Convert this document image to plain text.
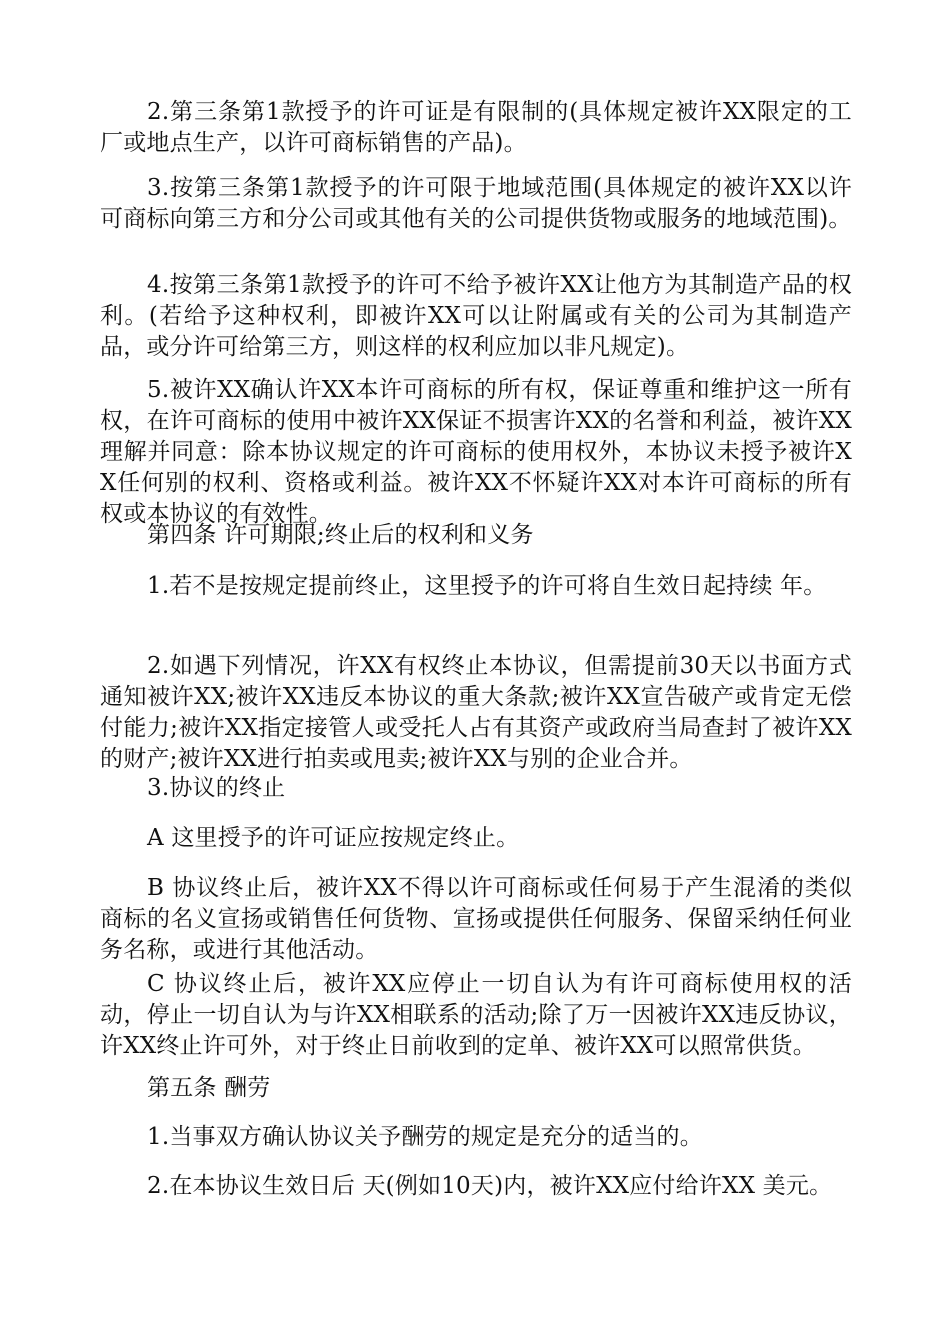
2.第三条第1款授予的许可证是有限制的(具体规定被许XX限定的工厂或地点生产，以许可商标销售的产品)。

3.按第三条第1款授予的许可限于地域范围(具体规定的被许XX以许可商标向第三方和分公司或其他有关的公司提供货物或服务的地域范围)。

4.按第三条第1款授予的许可不给予被许XX让他方为其制造产品的权利。(若给予这种权利，即被许XX可以让附属或有关的公司为其制造产品，或分许可给第三方，则这样的权利应加以非凡规定)。

5.被许XX确认许XX本许可商标的所有权，保证尊重和维护这一所有权，在许可商标的使用中被许XX保证不损害许XX的名誉和利益，被许XX理解并同意：除本协议规定的许可商标的使用权外，本协议未授予被许XX任何别的权利、资格或利益。被许XX不怀疑许XX对本许可商标的所有权或本协议的有效性。

第四条 许可期限;终止后的权利和义务

1.若不是按规定提前终止，这里授予的许可将自生效日起持续 年。

2.如遇下列情况，许XX有权终止本协议，但需提前30天以书面方式通知被许XX;被许XX违反本协议的重大条款;被许XX宣告破产或肯定无偿付能力;被许XX指定接管人或受托人占有其资产或政府当局查封了被许XX的财产;被许XX进行拍卖或甩卖;被许XX与别的企业合并。

3.协议的终止

A 这里授予的许可证应按规定终止。

B 协议终止后，被许XX不得以许可商标或任何易于产生混淆的类似商标的名义宣扬或销售任何货物、宣扬或提供任何服务、保留采纳任何业务名称，或进行其他活动。

C 协议终止后，被许XX应停止一切自认为有许可商标使用权的活动，停止一切自认为与许XX相联系的活动;除了万一因被许XX违反协议，许XX终止许可外，对于终止日前收到的定单、被许XX可以照常供货。

第五条 酬劳

1.当事双方确认协议关予酬劳的规定是充分的适当的。

2.在本协议生效日后 天(例如10天)内，被许XX应付给许XX 美元。
